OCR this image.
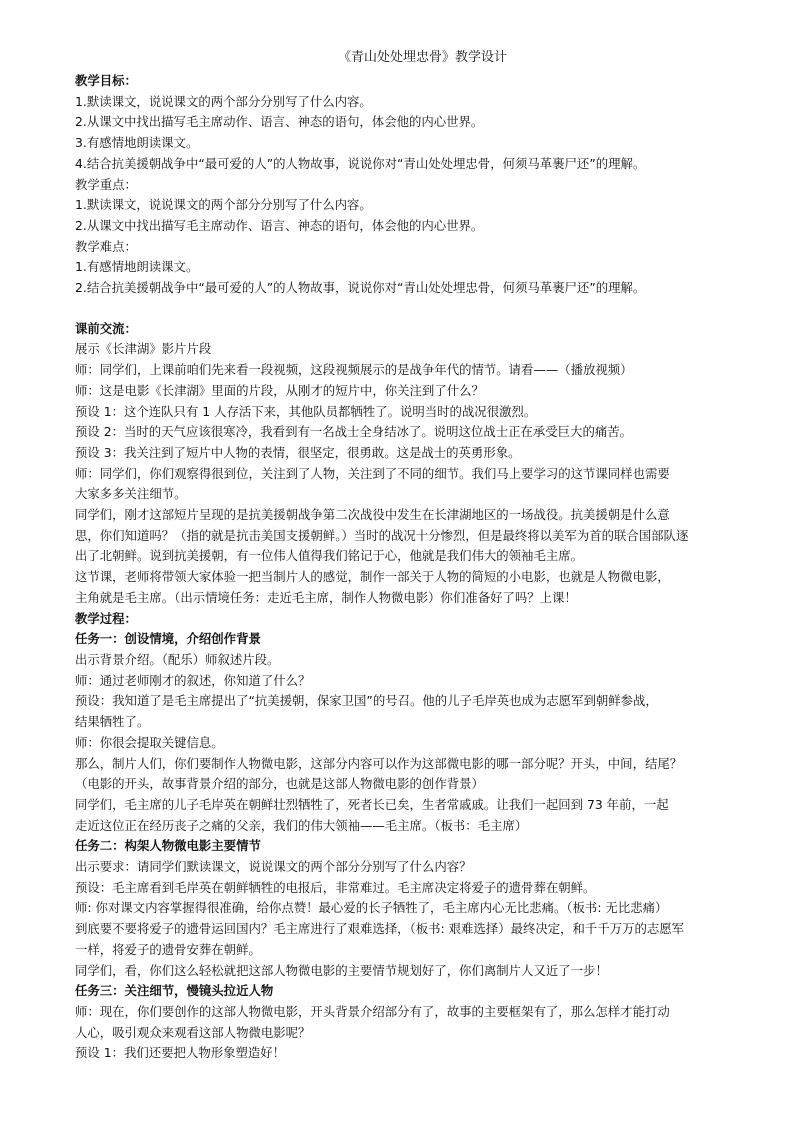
《青山处处埋忠骨》教学设计
教学目标：
1.默读课文，说说课文的两个部分分别写了什么内容。
2.从课文中找出描写毛主席动作、语言、神态的语句，体会他的内心世界。
3.有感情地朗读课文。
4.结合抗美援朝战争中“最可爱的人”的人物故事，说说你对“青山处处埋忠骨，何须马革裹尸还”的理解。
教学重点：
1.默读课文，说说课文的两个部分分别写了什么内容。
2.从课文中找出描写毛主席动作、语言、神态的语句，体会他的内心世界。
教学难点：
1.有感情地朗读课文。
2.结合抗美援朝战争中“最可爱的人”的人物故事，说说你对“青山处处埋忠骨，何须马革裹尸还”的理解。
课前交流：
展示《长津湖》影片片段
师：同学们，上课前咱们先来看一段视频，这段视频展示的是战争年代的情节。请看——（播放视频）
师：这是电影《长津湖》里面的片段，从刚才的短片中，你关注到了什么？
预设 1：这个连队只有 1 人存活下来，其他队员都牺牲了。说明当时的战况很激烈。
预设 2：当时的天气应该很寒冷，我看到有一名战士全身结冰了。说明这位战士正在承受巨大的痛苦。
预设 3：我关注到了短片中人物的表情，很坚定，很勇敢。这是战士的英勇形象。
师：同学们，你们观察得很到位，关注到了人物，关注到了不同的细节。我们马上要学习的这节课同样也需要
大家多多关注细节。
同学们，刚才这部短片呈现的是抗美援朝战争第二次战役中发生在长津湖地区的一场战役。抗美援朝是什么意
思，你们知道吗？（指的就是抗击美国支援朝鲜。）当时的战况十分惨烈，但是最终将以美军为首的联合国部队逐
出了北朝鲜。说到抗美援朝，有一位伟人值得我们铭记于心，他就是我们伟大的领袖毛主席。
这节课，老师将带领大家体验一把当制片人的感觉，制作一部关于人物的简短的小电影，也就是人物微电影，
主角就是毛主席。（出示情境任务：走近毛主席，制作人物微电影）你们准备好了吗？上课！
教学过程：
任务一：创设情境，介绍创作背景
出示背景介绍。（配乐）师叙述片段。
师：通过老师刚才的叙述，你知道了什么？
预设：我知道了是毛主席提出了“抗美援朝，保家卫国”的号召。他的儿子毛岸英也成为志愿军到朝鲜参战，
结果牺牲了。
师：你很会提取关键信息。
那么，制片人们，你们要制作人物微电影，这部分内容可以作为这部微电影的哪一部分呢？开头，中间，结尾？
（电影的开头，故事背景介绍的部分，也就是这部人物微电影的创作背景）
同学们，毛主席的儿子毛岸英在朝鲜壮烈牺牲了，死者长已矣，生者常戚戚。让我们一起回到 73 年前，一起
走近这位正在经历丧子之痛的父亲，我们的伟大领袖——毛主席。（板书：毛主席）
任务二：构架人物微电影主要情节
出示要求：请同学们默读课文，说说课文的两个部分分别写了什么内容？
预设：毛主席看到毛岸英在朝鲜牺牲的电报后，非常难过。毛主席决定将爱子的遗骨葬在朝鲜。
师: 你对课文内容掌握得很准确，给你点赞！最心爱的长子牺牲了，毛主席内心无比悲痛。（板书: 无比悲痛）
到底要不要将爱子的遗骨运回国内？毛主席进行了艰难选择，（板书: 艰难选择）最终决定，和千千万万的志愿军
一样，将爱子的遗骨安葬在朝鲜。
同学们，看，你们这么轻松就把这部人物微电影的主要情节规划好了，你们离制片人又近了一步！
任务三：关注细节，慢镜头拉近人物
师：现在，你们要创作的这部人物微电影，开头背景介绍部分有了，故事的主要框架有了，那么怎样才能打动
人心，吸引观众来观看这部人物微电影呢？
预设 1：我们还要把人物形象塑造好！
